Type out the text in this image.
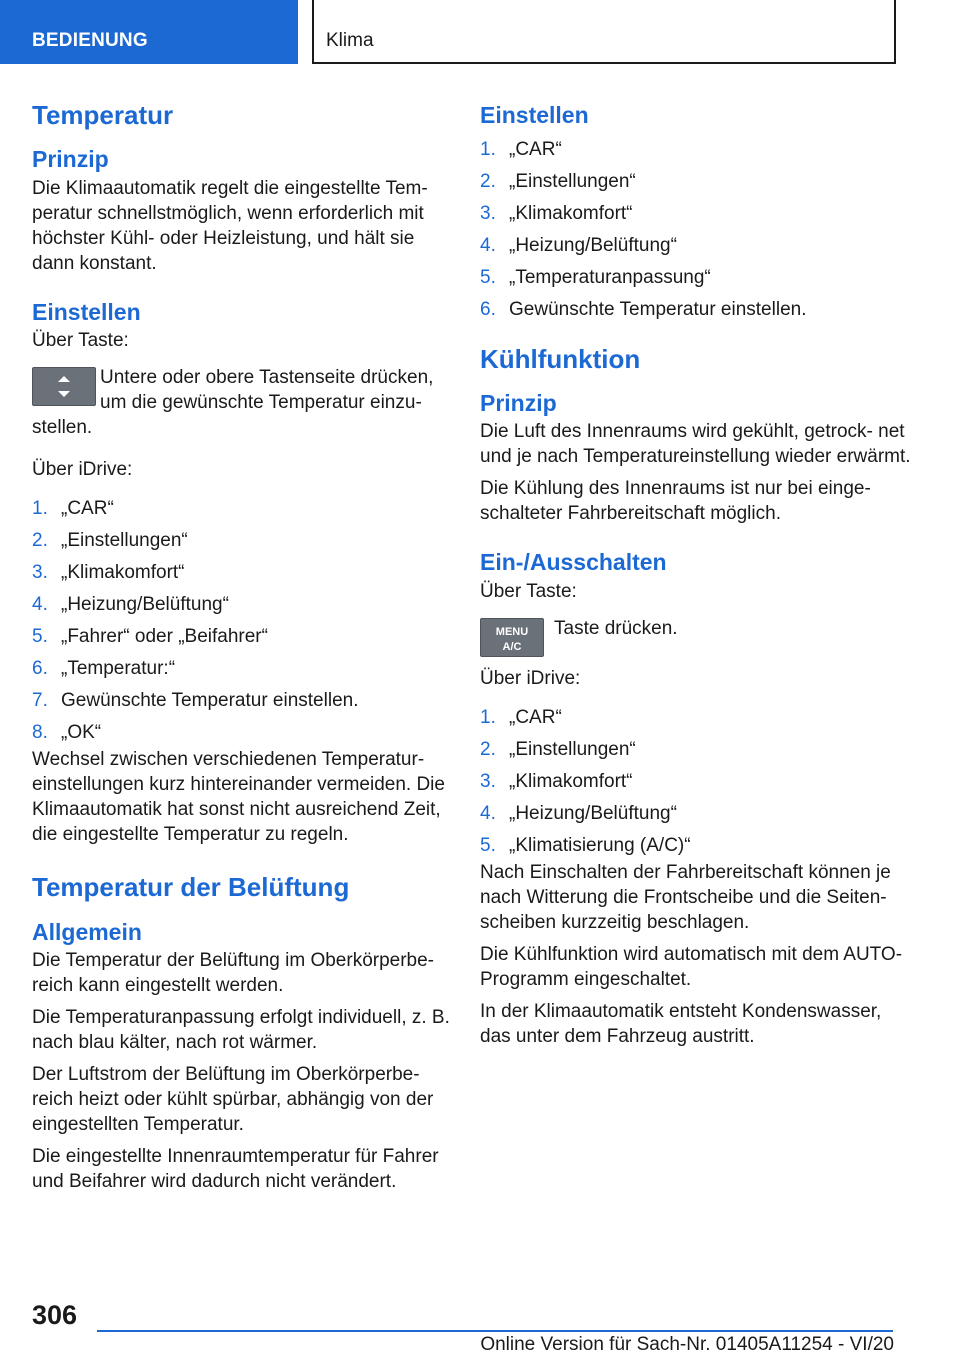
BEDIENUNG	Klima
Temperatur
Prinzip

Die Klimaautomatik regelt die eingestellte Tem‐ peratur schnellstmöglich, wenn erforderlich mit höchster Kühl- oder Heizleistung, und hält sie dann konstant.

Einstellen

Über Taste:

Untere oder obere Tastenseite drücken, um die gewünschte Temperatur einzu‐

stellen.

Über iDrive:

1. „CAR“
2. „Einstellungen“
3. „Klimakomfort“
4. „Heizung/Belüftung“
5. „Fahrer“ oder „Beifahrer“
6. „Temperatur:“
7. Gewünschte Temperatur einstellen.
8. „OK“

Wechsel zwischen verschiedenen Temperatur‐ einstellungen kurz hintereinander vermeiden. Die Klimaautomatik hat sonst nicht ausreichend Zeit, die eingestellte Temperatur zu regeln.

Temperatur der Belüftung
Allgemein

Die Temperatur der Belüftung im Oberkörperbe‐ reich kann eingestellt werden.

Die Temperaturanpassung erfolgt individuell, z. B. nach blau kälter, nach rot wärmer.

Der Luftstrom der Belüftung im Oberkörperbe‐ reich heizt oder kühlt spürbar, abhängig von der eingestellten Temperatur.

Die eingestellte Innenraumtemperatur für Fahrer und Beifahrer wird dadurch nicht verändert.

Einstellen
1. „CAR“
2. „Einstellungen“
3. „Klimakomfort“
4. „Heizung/Belüftung“
5. „Temperaturanpassung“
6. Gewünschte Temperatur einstellen.
Kühlfunktion
Prinzip

Die Luft des Innenraums wird gekühlt, getrock‐ net und je nach Temperatureinstellung wieder erwärmt.

Die Kühlung des Innenraums ist nur bei einge‐ schalteter Fahrbereitschaft möglich.

Ein-/Ausschalten

Über Taste:

MENU
A/C

Taste drücken.

Über iDrive:

1. „CAR“
2. „Einstellungen“
3. „Klimakomfort“
4. „Heizung/Belüftung“
5. „Klimatisierung (A/C)“

Nach Einschalten der Fahrbereitschaft können je nach Witterung die Frontscheibe und die Seiten‐ scheiben kurzzeitig beschlagen.

Die Kühlfunktion wird automatisch mit dem AUTO-Programm eingeschaltet.

In der Klimaautomatik entsteht Kondenswasser, das unter dem Fahrzeug austritt.

306
Online Version für Sach-Nr. 01405A11254 - VI/20
